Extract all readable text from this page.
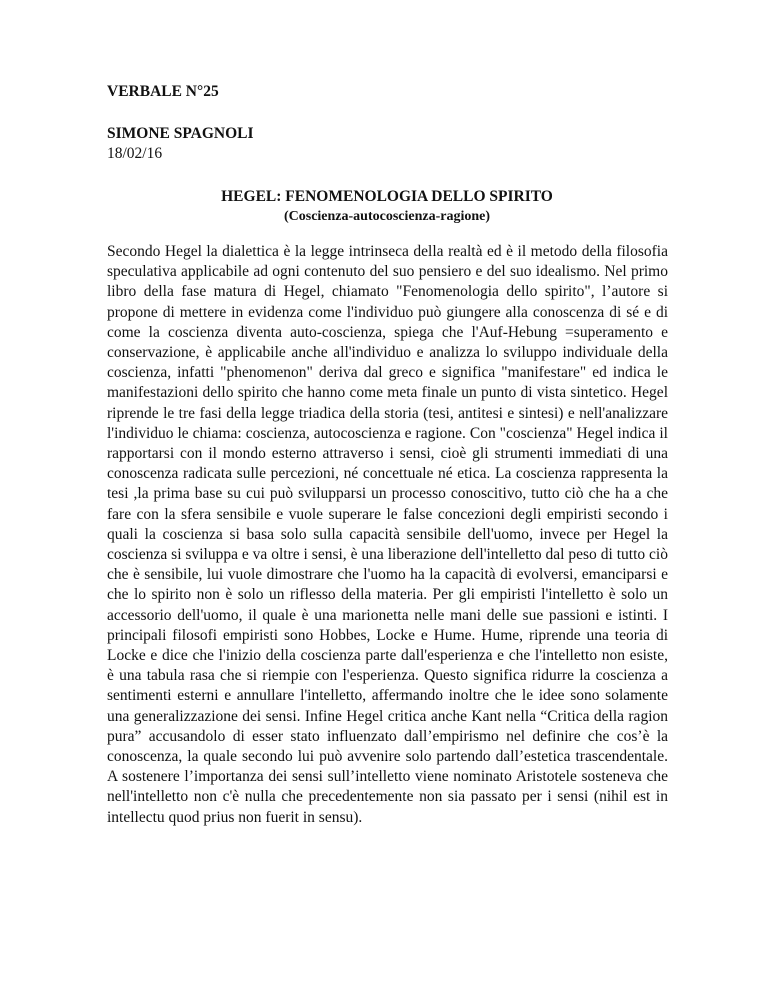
VERBALE N°25

SIMONE SPAGNOLI

18/02/16

HEGEL: FENOMENOLOGIA DELLO SPIRITO

(Coscienza-autocoscienza-ragione)

Secondo Hegel la dialettica è la legge intrinseca della realtà ed è il metodo della filosofia speculativa applicabile ad ogni contenuto del suo pensiero e del suo idealismo. Nel primo libro della fase matura di Hegel, chiamato "Fenomenologia dello spirito", l’autore si propone di mettere in evidenza come l'individuo può giungere alla conoscenza di sé e di come la coscienza diventa auto-coscienza, spiega che l'Auf-Hebung =superamento e conservazione, è applicabile anche all'individuo e analizza lo sviluppo individuale della coscienza, infatti "phenomenon" deriva dal greco e significa "manifestare" ed indica le manifestazioni dello spirito che hanno come meta finale un punto di vista sintetico. Hegel riprende le tre fasi della legge triadica della storia (tesi, antitesi e sintesi) e nell'analizzare l'individuo le chiama: coscienza, autocoscienza e ragione. Con "coscienza" Hegel indica il rapportarsi con il mondo esterno attraverso i sensi, cioè gli strumenti immediati di una conoscenza radicata sulle percezioni, né concettuale né etica. La coscienza rappresenta la tesi ,la prima base su cui può svilupparsi un processo conoscitivo, tutto ciò che ha a che fare con la sfera sensibile e vuole superare le false concezioni degli empiristi secondo i quali la coscienza si basa solo sulla capacità sensibile dell'uomo, invece per Hegel la coscienza si sviluppa e va oltre i sensi, è una liberazione dell'intelletto dal peso di tutto ciò che è sensibile, lui vuole dimostrare che l'uomo ha la capacità di evolversi, emanciparsi e che lo spirito non è solo un riflesso della materia. Per gli empiristi l'intelletto è solo un accessorio dell'uomo, il quale è una marionetta nelle mani delle sue passioni e istinti. I principali filosofi empiristi sono Hobbes, Locke e Hume. Hume, riprende una teoria di Locke e dice che l'inizio della coscienza parte dall'esperienza e che l'intelletto non esiste, è una tabula rasa che si riempie con l'esperienza. Questo significa ridurre la coscienza a sentimenti esterni e annullare l'intelletto, affermando inoltre che le idee sono solamente una generalizzazione dei sensi. Infine Hegel critica anche Kant nella “Critica della ragion pura” accusandolo di esser stato influenzato dall’empirismo nel definire che cos’è la conoscenza, la quale secondo lui può avvenire solo partendo dall’estetica trascendentale. A sostenere l’importanza dei sensi sull’intelletto viene nominato Aristotele sosteneva che nell'intelletto non c'è nulla che precedentemente non sia passato per i sensi (nihil est in intellectu quod prius non fuerit in sensu).
